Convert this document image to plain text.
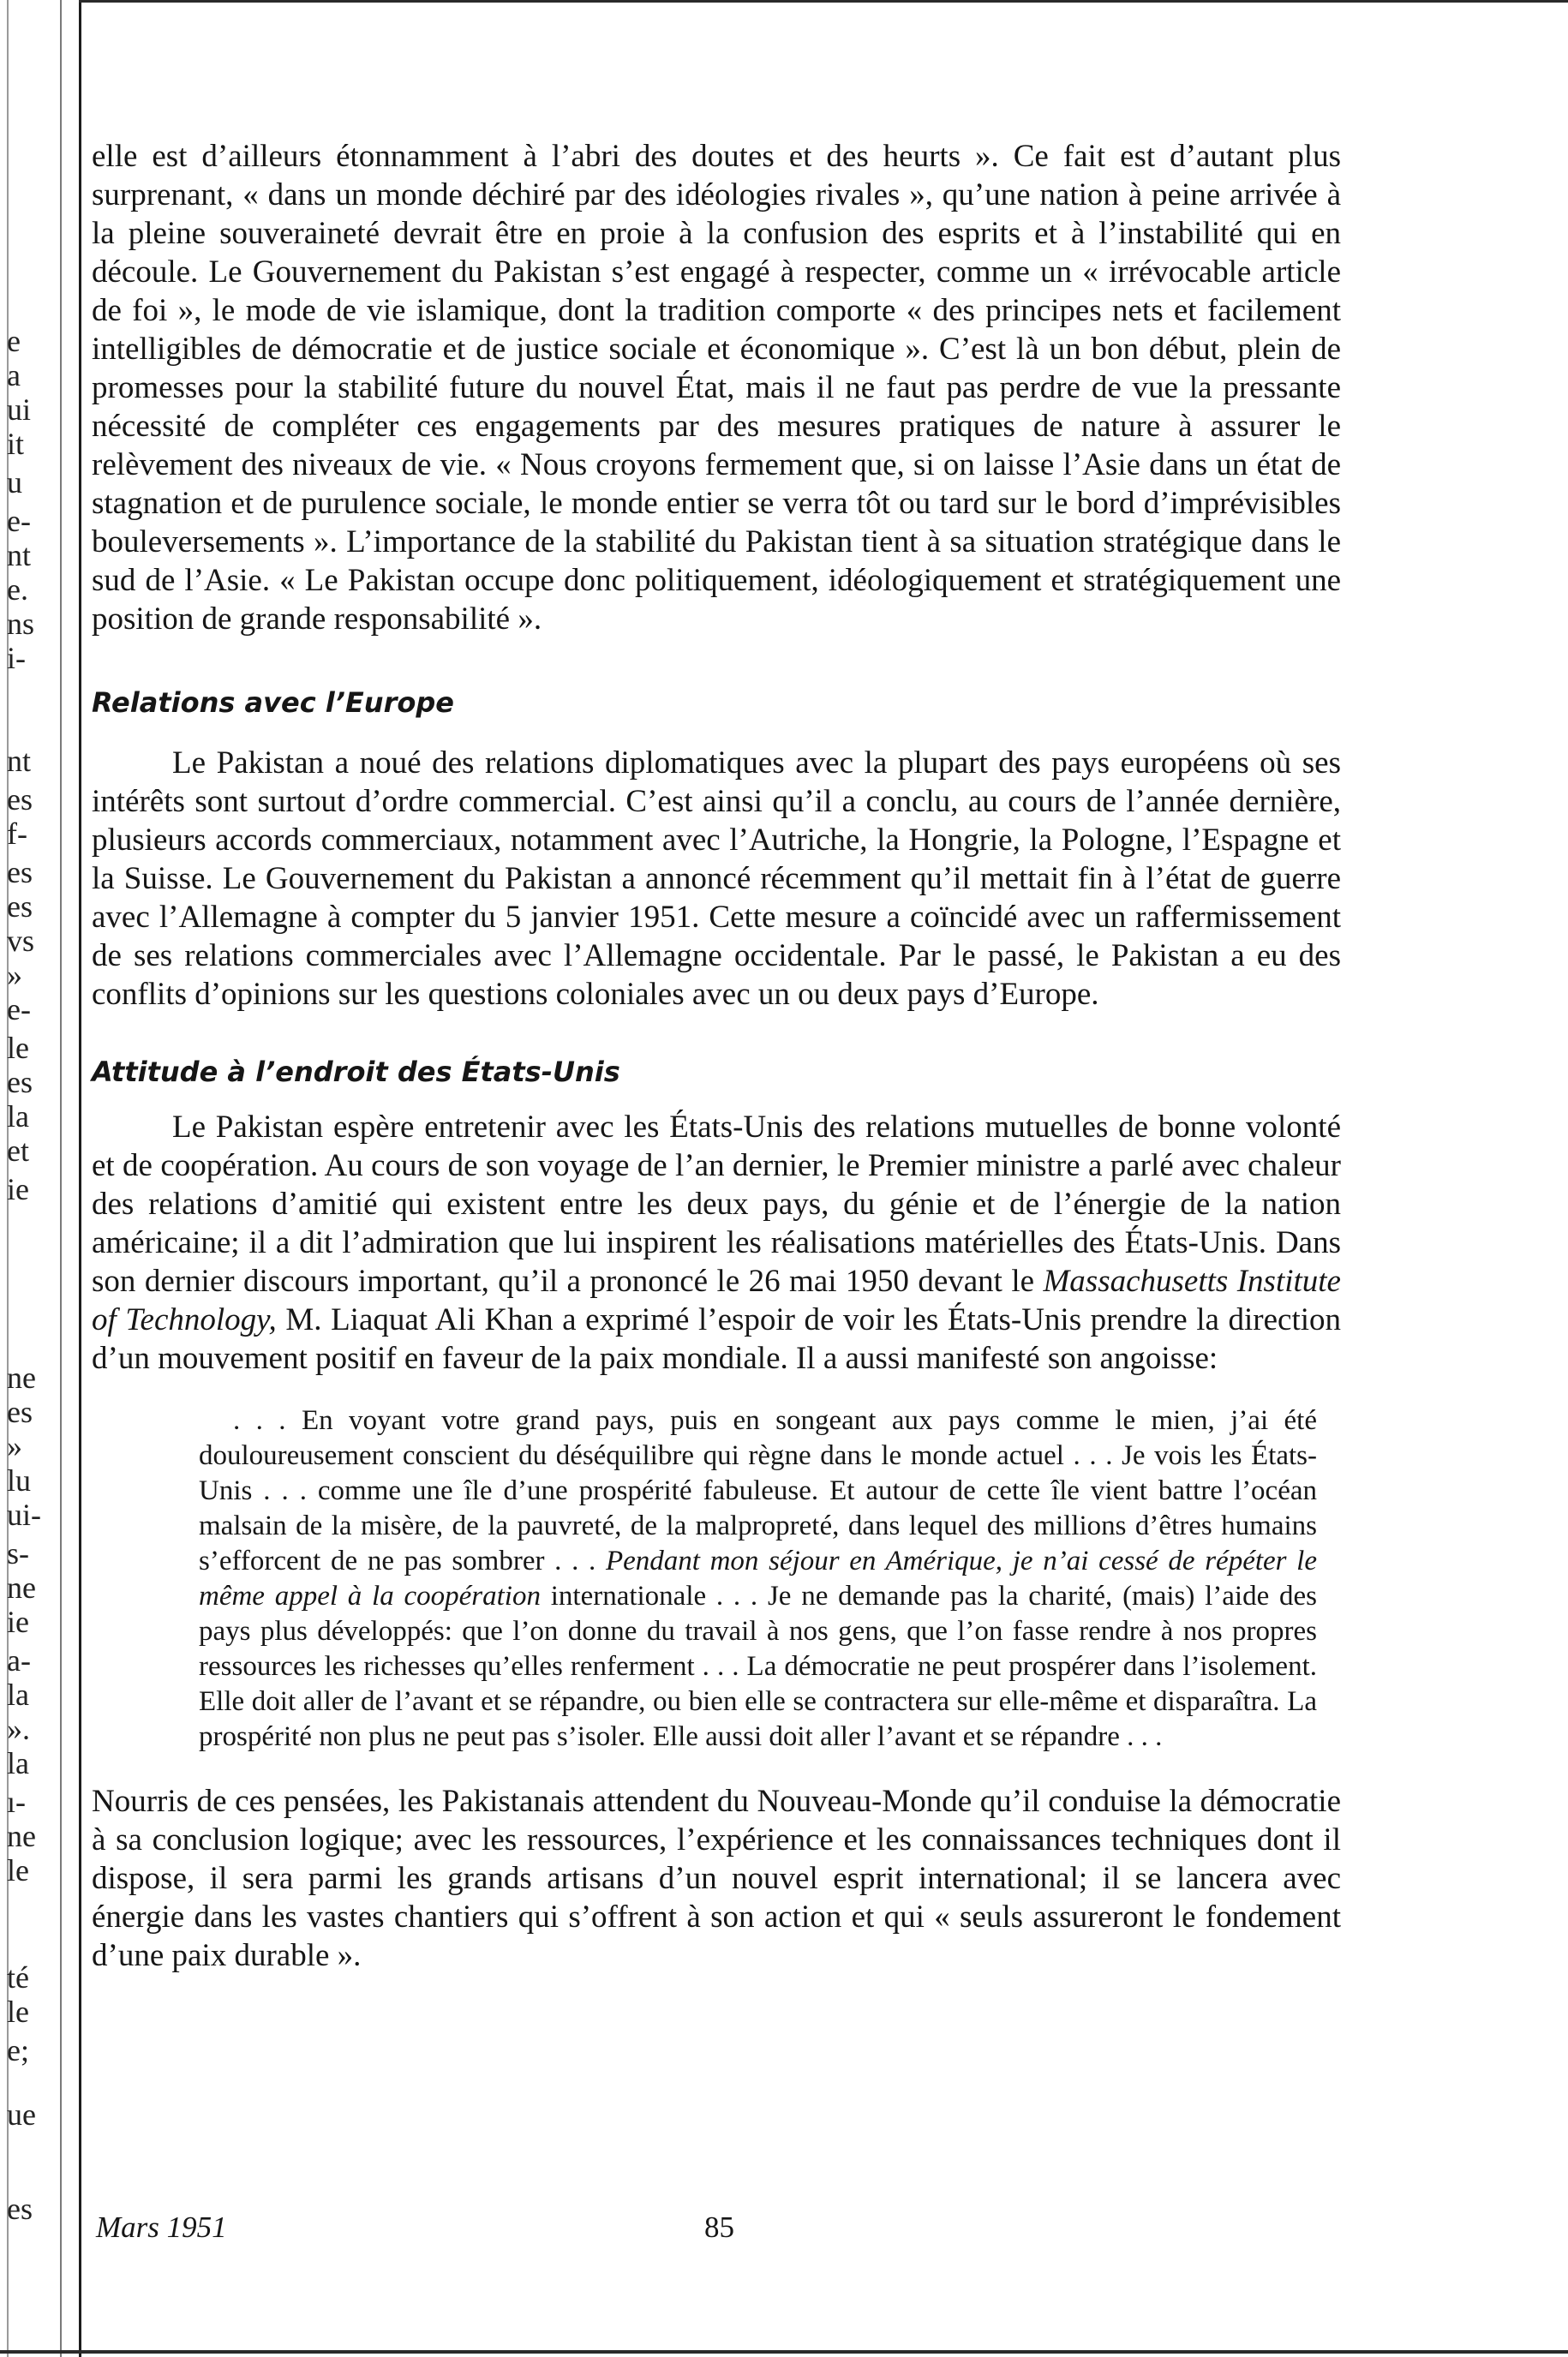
e
a
ui
it
u
e-
nt
e.
ns
i-
nt
es
f-
es
es
vs
»
e-
le
es
la
et
ie
ne
es
»
lu
ui-
s-
ne
ie
a-
la
».
la
ı-
ne
le
té
le
e;
ue
es

elle est d’ailleurs étonnamment à l’abri des doutes et des heurts ». Ce fait est d’autant plus surprenant, « dans un monde déchiré par des idéologies rivales », qu’une nation à peine arrivée à la pleine souveraineté devrait être en proie à la confusion des esprits et à l’instabilité qui en découle. Le Gouvernement du Pakistan s’est engagé à respecter, comme un « irrévocable article de foi », le mode de vie islamique, dont la tradition comporte « des principes nets et facilement intelligibles de démocratie et de justice sociale et économique ». C’est là un bon début, plein de promesses pour la stabilité future du nouvel État, mais il ne faut pas perdre de vue la pressante nécessité de compléter ces engagements par des mesures pratiques de nature à assurer le relèvement des niveaux de vie. « Nous croyons fermement que, si on laisse l’Asie dans un état de stagnation et de purulence sociale, le monde entier se verra tôt ou tard sur le bord d’imprévisibles bouleversements ». L’importance de la stabilité du Pakistan tient à sa situation stratégique dans le sud de l’Asie. « Le Pakistan occupe donc politiquement, idéologiquement et stratégiquement une position de grande responsabilité ».

Relations avec l’Europe

Le Pakistan a noué des relations diplomatiques avec la plupart des pays européens où ses intérêts sont surtout d’ordre commercial. C’est ainsi qu’il a conclu, au cours de l’année dernière, plusieurs accords commerciaux, notamment avec l’Autriche, la Hongrie, la Pologne, l’Espagne et la Suisse. Le Gouvernement du Pakistan a annoncé récemment qu’il mettait fin à l’état de guerre avec l’Allemagne à compter du 5 janvier 1951. Cette mesure a coïncidé avec un raffermissement de ses relations commerciales avec l’Allemagne occidentale. Par le passé, le Pakistan a eu des conflits d’opinions sur les questions coloniales avec un ou deux pays d’Europe.

Attitude à l’endroit des États-Unis

Le Pakistan espère entretenir avec les États-Unis des relations mutuelles de bonne volonté et de coopération. Au cours de son voyage de l’an dernier, le Premier ministre a parlé avec chaleur des relations d’amitié qui existent entre les deux pays, du génie et de l’énergie de la nation américaine; il a dit l’admiration que lui inspirent les réalisations matérielles des États-Unis. Dans son dernier discours important, qu’il a prononcé le 26 mai 1950 devant le Massachusetts Institute of Technology, M. Liaquat Ali Khan a exprimé l’espoir de voir les États-Unis prendre la direction d’un mouvement positif en faveur de la paix mondiale. Il a aussi manifesté son angoisse:

. . . En voyant votre grand pays, puis en songeant aux pays comme le mien, j’ai été douloureusement conscient du déséquilibre qui règne dans le monde actuel . . . Je vois les États-Unis . . . comme une île d’une prospérité fabuleuse. Et autour de cette île vient battre l’océan malsain de la misère, de la pauvreté, de la malpropreté, dans lequel des millions d’êtres humains s’efforcent de ne pas sombrer . . . Pendant mon séjour en Amérique, je n’ai cessé de répéter le même appel à la coopération internationale . . . Je ne demande pas la charité, (mais) l’aide des pays plus développés: que l’on donne du travail à nos gens, que l’on fasse rendre à nos propres ressources les richesses qu’elles renferment . . . La démocratie ne peut prospérer dans l’isolement. Elle doit aller de l’avant et se répandre, ou bien elle se contractera sur elle-même et disparaîtra. La prospérité non plus ne peut pas s’isoler. Elle aussi doit aller l’avant et se répandre . . .

Nourris de ces pensées, les Pakistanais attendent du Nouveau-Monde qu’il conduise la démocratie à sa conclusion logique; avec les ressources, l’expérience et les connaissances techniques dont il dispose, il sera parmi les grands artisans d’un nouvel esprit international; il se lancera avec énergie dans les vastes chantiers qui s’offrent à son action et qui « seuls assureront le fondement d’une paix durable ».

Mars 1951	85
